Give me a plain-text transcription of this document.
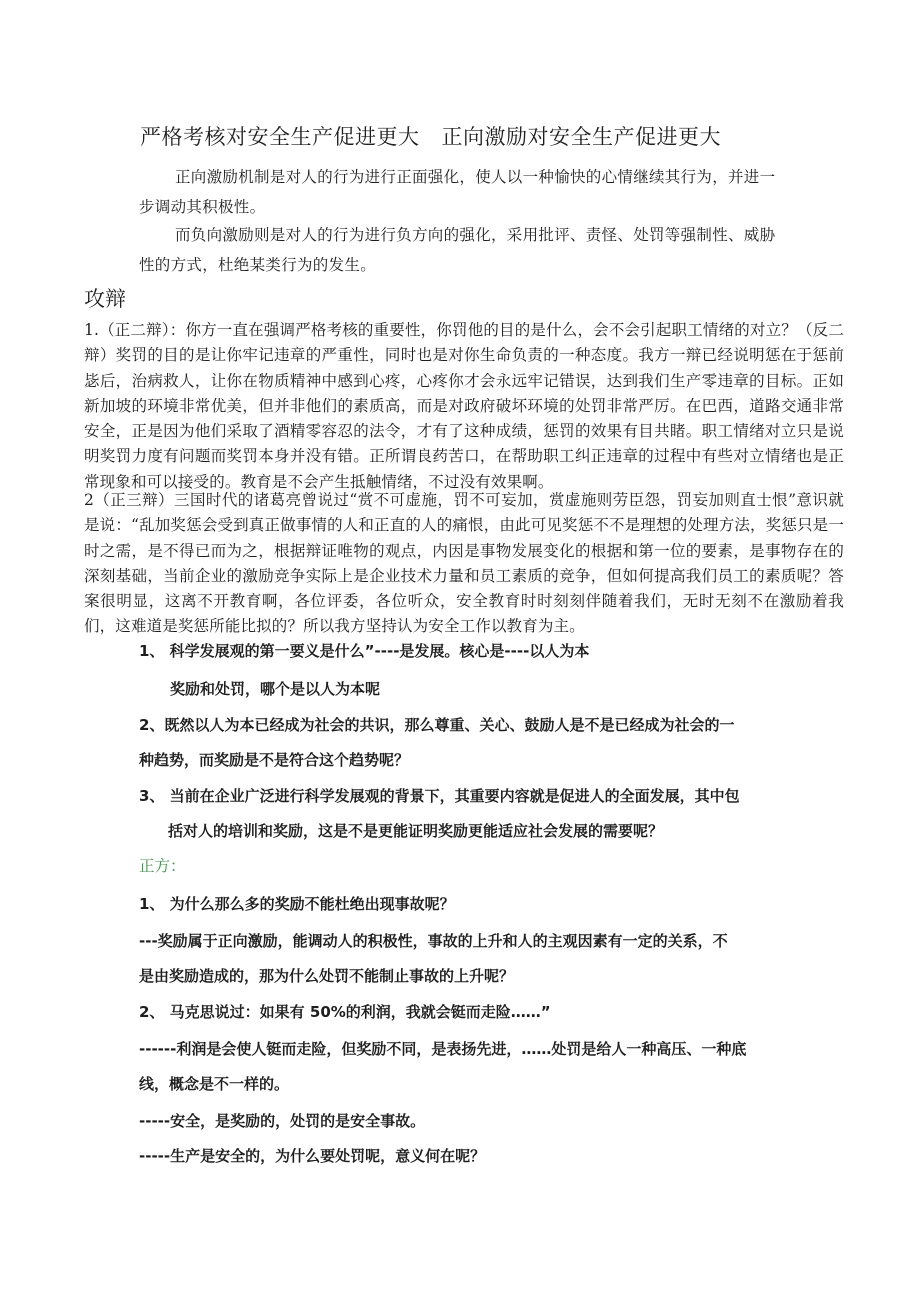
严格考核对安全生产促进更大 正向激励对安全生产促进更大
正向激励机制是对人的行为进行正面强化，使人以一种愉快的心情继续其行为，并进一步调动其积极性。
而负向激励则是对人的行为进行负方向的强化，采用批评、责怪、处罚等强制性、威胁性的方式，杜绝某类行为的发生。
攻辩
1.（正二辩）：你方一直在强调严格考核的重要性，你罚他的目的是什么，会不会引起职工情绪的对立？（反二辩）奖罚的目的是让你牢记违章的严重性，同时也是对你生命负责的一种态度。我方一辩已经说明惩在于惩前毖后，治病救人，让你在物质精神中感到心疼，心疼你才会永远牢记错误，达到我们生产零违章的目标。正如新加坡的环境非常优美，但并非他们的素质高，而是对政府破坏环境的处罚非常严厉。在巴西，道路交通非常安全，正是因为他们采取了酒精零容忍的法令，才有了这种成绩，惩罚的效果有目共睹。职工情绪对立只是说明奖罚力度有问题而奖罚本身并没有错。正所谓良药苦口，在帮助职工纠正违章的过程中有些对立情绪也是正常现象和可以接受的。教育是不会产生抵触情绪，不过没有效果啊。
2（正三辩）三国时代的诸葛亮曾说过“赏不可虚施，罚不可妄加，赏虚施则劳臣怨，罚妄加则直士恨”意识就是说：“乱加奖惩会受到真正做事情的人和正直的人的痛恨，由此可见奖惩不不是理想的处理方法，奖惩只是一时之需，是不得已而为之，根据辩证唯物的观点，内因是事物发展变化的根据和第一位的要素，是事物存在的深刻基础，当前企业的激励竞争实际上是企业技术力量和员工素质的竞争，但如何提高我们员工的素质呢？答案很明显，这离不开教育啊，各位评委，各位听众，安全教育时时刻刻伴随着我们，无时无刻不在激励着我们，这难道是奖惩所能比拟的？所以我方坚持认为安全工作以教育为主。
1、 科学发展观的第一要义是什么”----是发展。核心是----以人为本
奖励和处罚，哪个是以人为本呢
2、既然以人为本已经成为社会的共识，那么尊重、关心、鼓励人是不是已经成为社会的一
种趋势，而奖励是不是符合这个趋势呢？
3、 当前在企业广泛进行科学发展观的背景下，其重要内容就是促进人的全面发展，其中包
括对人的培训和奖励，这是不是更能证明奖励更能适应社会发展的需要呢？
正方：
1、 为什么那么多的奖励不能杜绝出现事故呢？
---奖励属于正向激励，能调动人的积极性，事故的上升和人的主观因素有一定的关系，不
是由奖励造成的，那为什么处罚不能制止事故的上升呢？
2、 马克思说过：如果有 50%的利润，我就会铤而走险……”
------利润是会使人铤而走险，但奖励不同，是表扬先进，……处罚是给人一种高压、一种底
线，概念是不一样的。
-----安全，是奖励的，处罚的是安全事故。
-----生产是安全的，为什么要处罚呢，意义何在呢？
